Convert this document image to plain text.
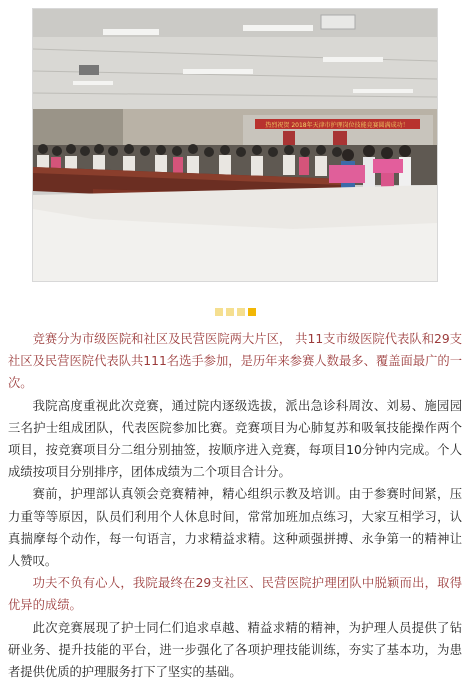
热烈祝贺 2018年天津市护理岗位技能竞赛圆满成功！

竞赛分为市级医院和社区及民营医院两大片区， 共11支市级医院代表队和29支社区及民营医院代表队共111名选手参加，是历年来参赛人数最多、覆盖面最广的一次。

我院高度重视此次竞赛，通过院内逐级选拔，派出急诊科周汝、刘易、施园园三名护士组成团队，代表医院参加比赛。竞赛项目为心肺复苏和吸氧技能操作两个项目，按竞赛项目分二组分别抽签，按顺序进入竞赛，每项目10分钟内完成。个人成绩按项目分别排序，团体成绩为二个项目合计分。

赛前，护理部认真领会竞赛精神，精心组织示教及培训。由于参赛时间紧，压力重等等原因，队员们利用个人休息时间，常常加班加点练习，大家互相学习，认真揣摩每个动作，每一句语言，力求精益求精。这种顽强拼搏、永争第一的精神让人赞叹。

功夫不负有心人，我院最终在29支社区、民营医院护理团队中脱颖而出，取得优异的成绩。

此次竞赛展现了护士同仁们追求卓越、精益求精的精神，为护理人员提供了钻研业务、提升技能的平台，进一步强化了各项护理技能训练，夯实了基本功，为患者提供优质的护理服务打下了坚实的基础。
